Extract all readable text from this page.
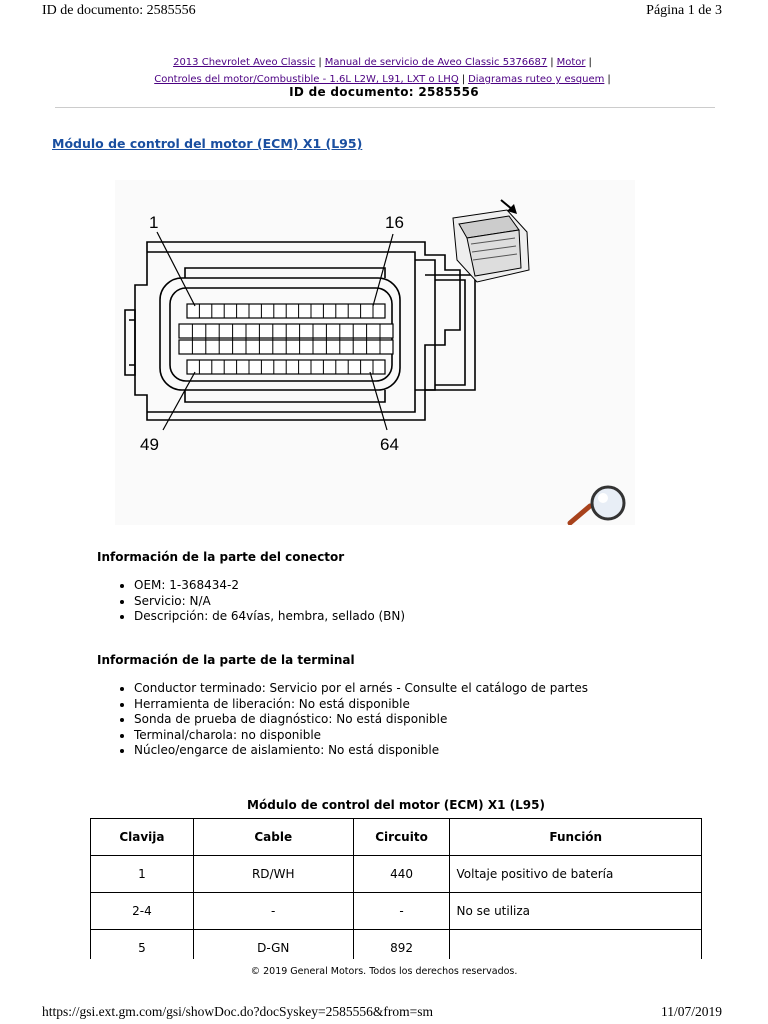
ID de documento: 2585556	Página 1 de 3
2013 Chevrolet Aveo Classic | Manual de servicio de Aveo Classic 5376687 | Motor |
Controles del motor/Combustible - 1.6L L2W, L91, LXT o LHQ | Diagramas ruteo y esquem |
ID de documento: 2585556
Módulo de control del motor (ECM) X1 (L95)
1	16
49	64
Información de la parte del conector
• OEM: 1-368434-2
• Servicio: N/A
• Descripción: de 64vías, hembra, sellado (BN)
Información de la parte de la terminal
• Conductor terminado: Servicio por el arnés - Consulte el catálogo de partes
• Herramienta de liberación: No está disponible
• Sonda de prueba de diagnóstico: No está disponible
• Terminal/charola: no disponible
• Núcleo/engarce de aislamiento: No está disponible
Módulo de control del motor (ECM) X1 (L95)
Clavija	Cable	Circuito	Función
1	RD/WH	440	Voltaje positivo de batería
2-4	-	-	No se utiliza
5	D-GN	892	
© 2019 General Motors. Todos los derechos reservados.
https://gsi.ext.gm.com/gsi/showDoc.do?docSyskey=2585556&from=sm	11/07/2019
